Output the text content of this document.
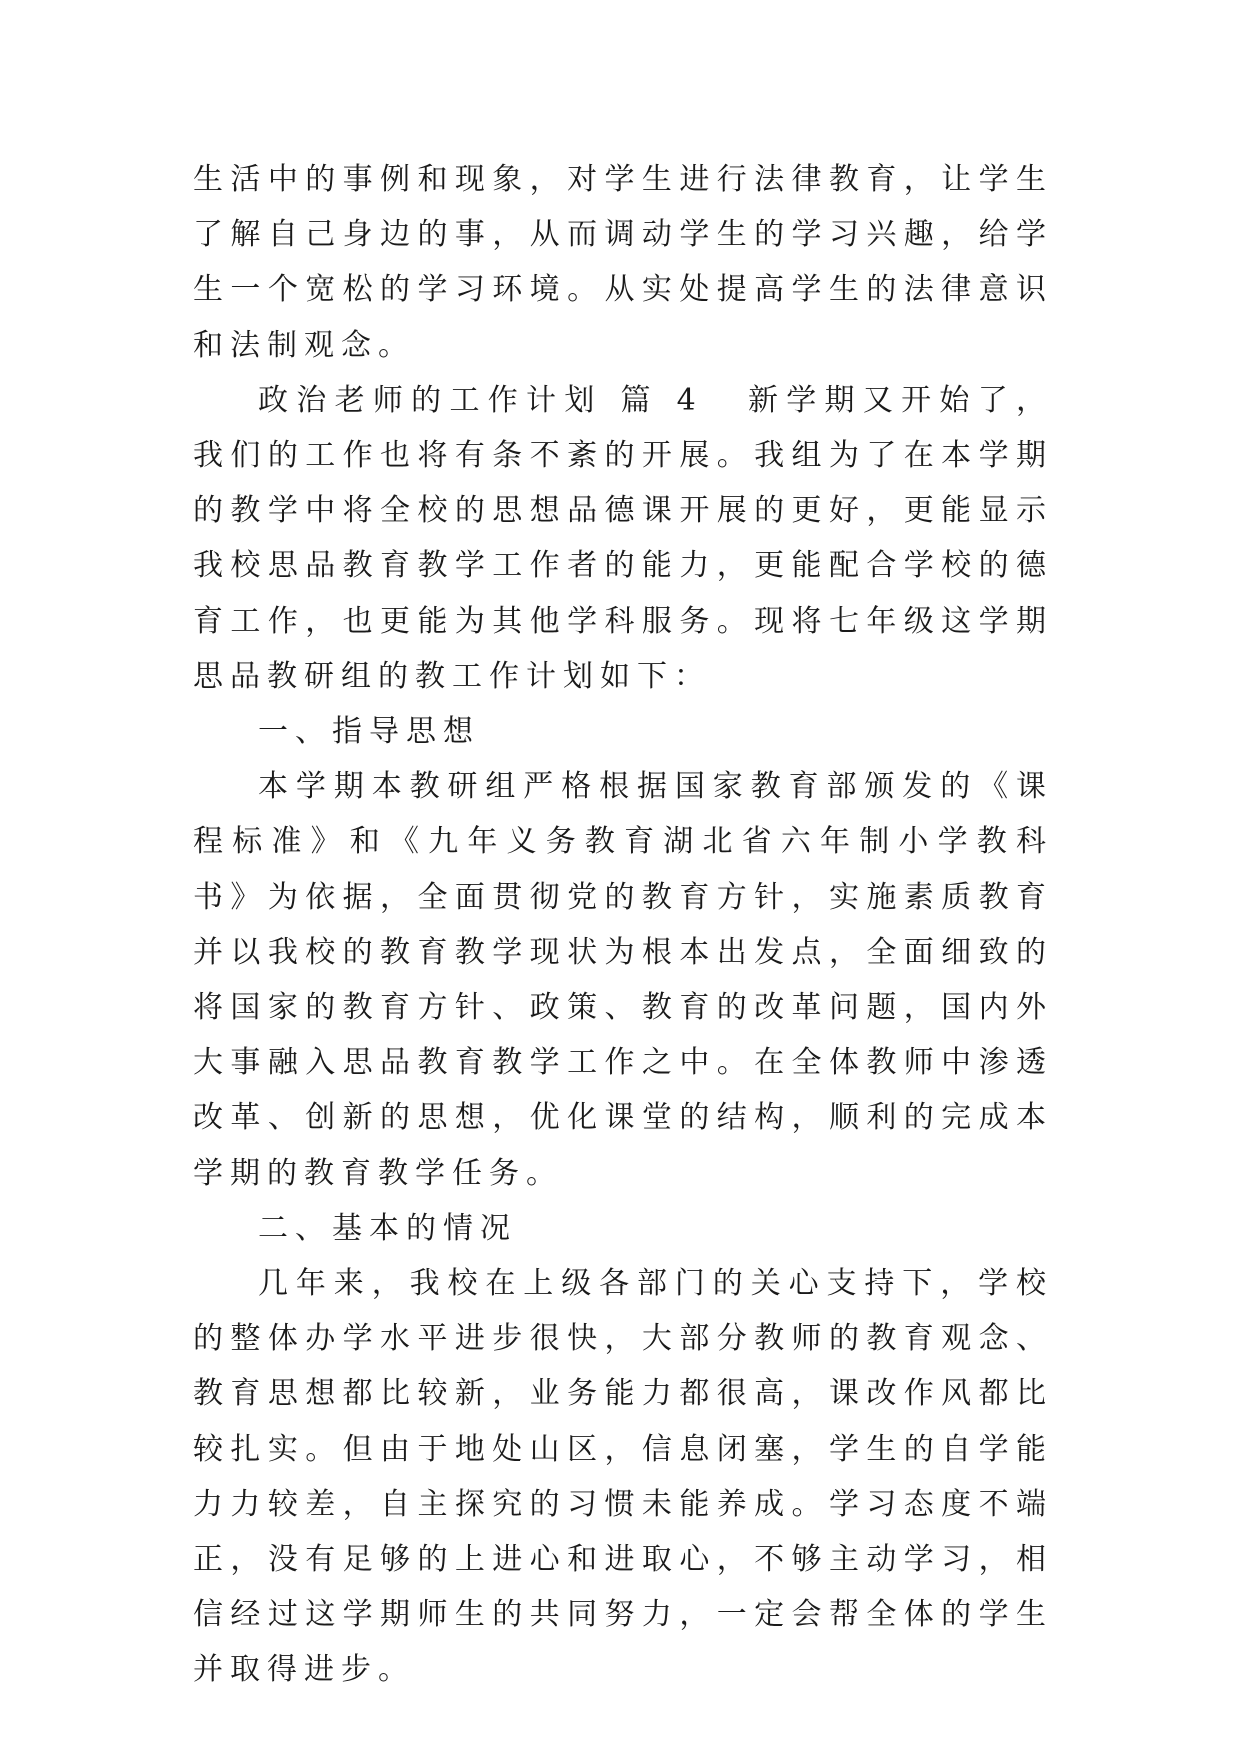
生活中的事例和现象，对学生进行法律教育，让学生了解自己身边的事，从而调动学生的学习兴趣，给学生一个宽松的学习环境。从实处提高学生的法律意识和法制观念。

政治老师的工作计划 篇 4 新学期又开始了，我们的工作也将有条不紊的开展。我组为了在本学期的教学中将全校的思想品德课开展的更好，更能显示我校思品教育教学工作者的能力，更能配合学校的德育工作，也更能为其他学科服务。现将七年级这学期思品教研组的教工作计划如下：

一、指导思想

本学期本教研组严格根据国家教育部颁发的《课程标准》和《九年义务教育湖北省六年制小学教科书》为依据，全面贯彻党的教育方针，实施素质教育并以我校的教育教学现状为根本出发点，全面细致的将国家的教育方针、政策、教育的改革问题，国内外大事融入思品教育教学工作之中。在全体教师中渗透改革、创新的思想，优化课堂的结构，顺利的完成本学期的教育教学任务。

二、基本的情况

几年来，我校在上级各部门的关心支持下，学校的整体办学水平进步很快，大部分教师的教育观念、教育思想都比较新，业务能力都很高，课改作风都比较扎实。但由于地处山区，信息闭塞，学生的自学能力力较差，自主探究的习惯未能养成。学习态度不端正，没有足够的上进心和进取心，不够主动学习，相信经过这学期师生的共同努力，一定会帮全体的学生并取得进步。
